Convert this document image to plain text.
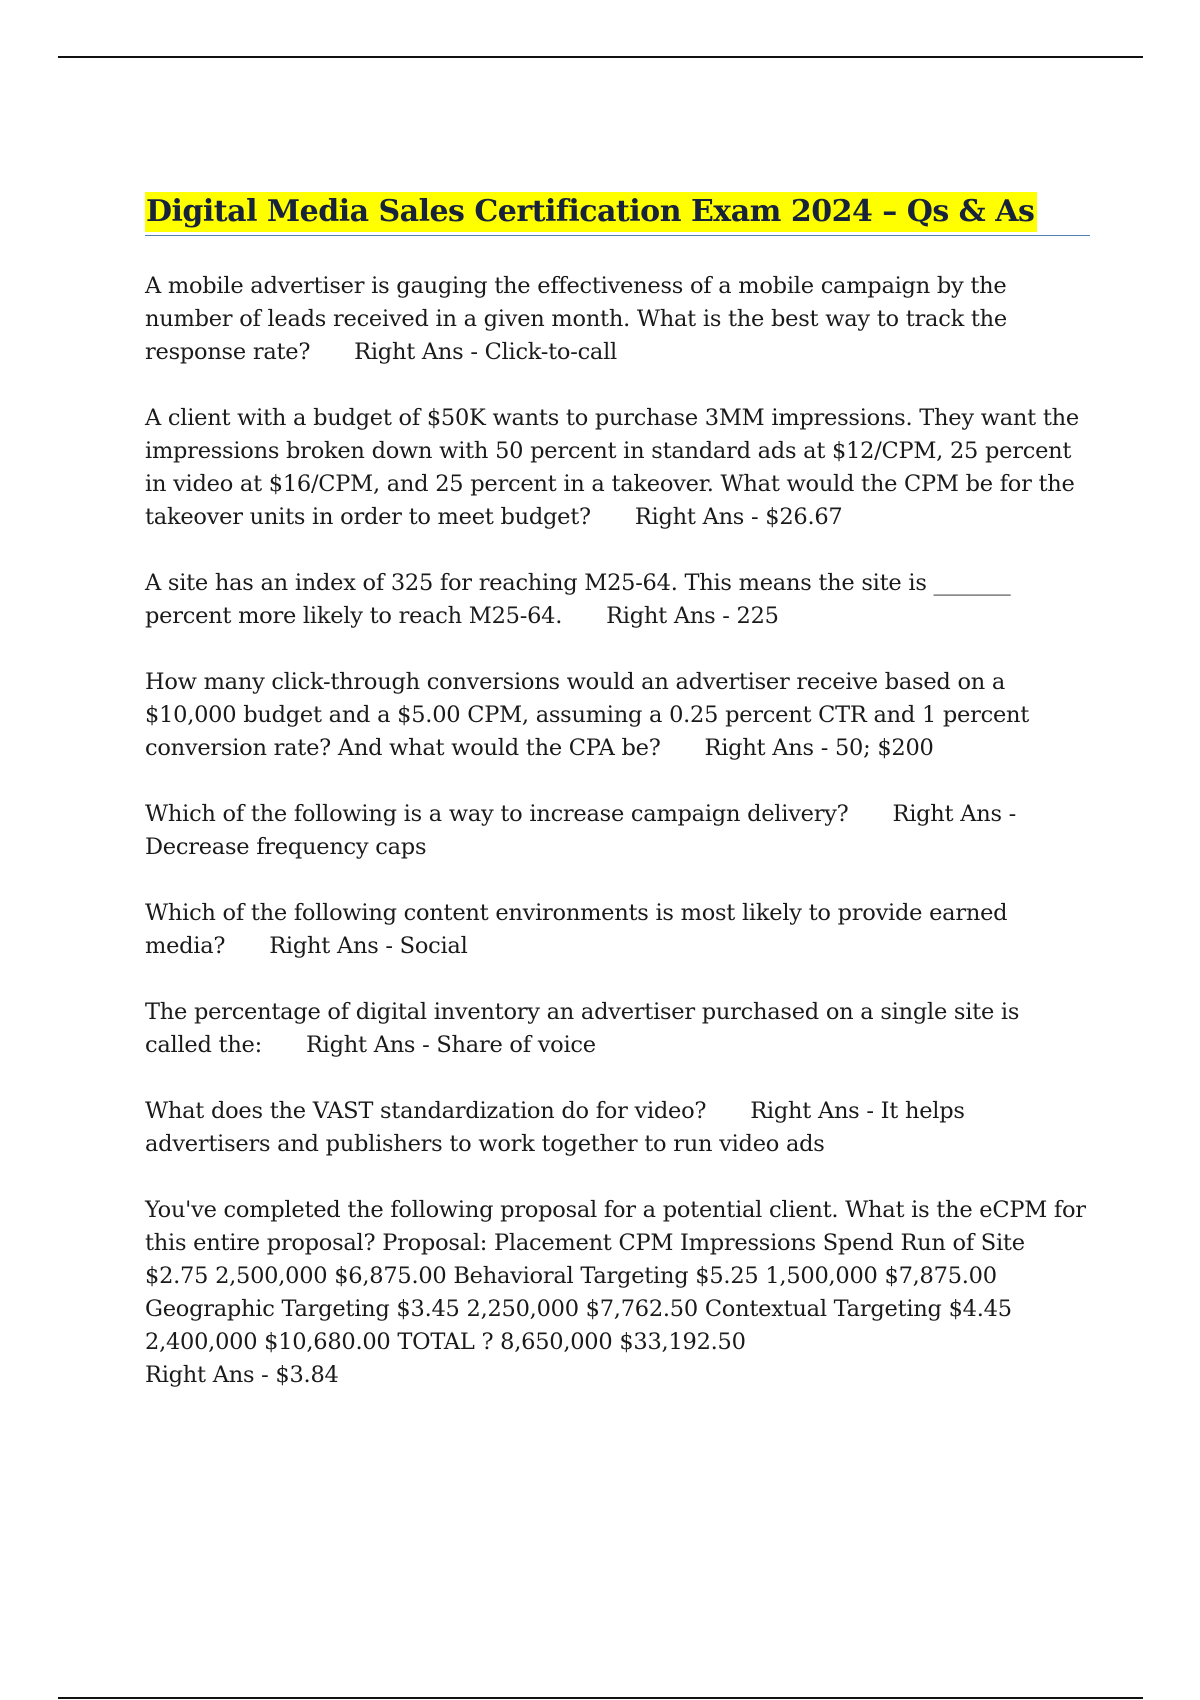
Digital Media Sales Certification Exam 2024 – Qs & As

A mobile advertiser is gauging the effectiveness of a mobile campaign by the number of leads received in a given month. What is the best way to track the response rate? Right Ans - Click-to-call

A client with a budget of $50K wants to purchase 3MM impressions. They want the impressions broken down with 50 percent in standard ads at $12/CPM, 25 percent in video at $16/CPM, and 25 percent in a takeover. What would the CPM be for the takeover units in order to meet budget? Right Ans - $26.67

A site has an index of 325 for reaching M25-64. This means the site is _______ percent more likely to reach M25-64. Right Ans - 225

How many click-through conversions would an advertiser receive based on a $10,000 budget and a $5.00 CPM, assuming a 0.25 percent CTR and 1 percent conversion rate? And what would the CPA be? Right Ans - 50; $200

Which of the following is a way to increase campaign delivery? Right Ans - Decrease frequency caps

Which of the following content environments is most likely to provide earned media? Right Ans - Social

The percentage of digital inventory an advertiser purchased on a single site is called the: Right Ans - Share of voice

What does the VAST standardization do for video? Right Ans - It helps advertisers and publishers to work together to run video ads

You've completed the following proposal for a potential client. What is the eCPM for this entire proposal? Proposal: Placement CPM Impressions Spend Run of Site $2.75 2,500,000 $6,875.00 Behavioral Targeting $5.25 1,500,000 $7,875.00 Geographic Targeting $3.45 2,250,000 $7,762.50 Contextual Targeting $4.45 2,400,000 $10,680.00 TOTAL ? 8,650,000 $33,192.50
Right Ans - $3.84
